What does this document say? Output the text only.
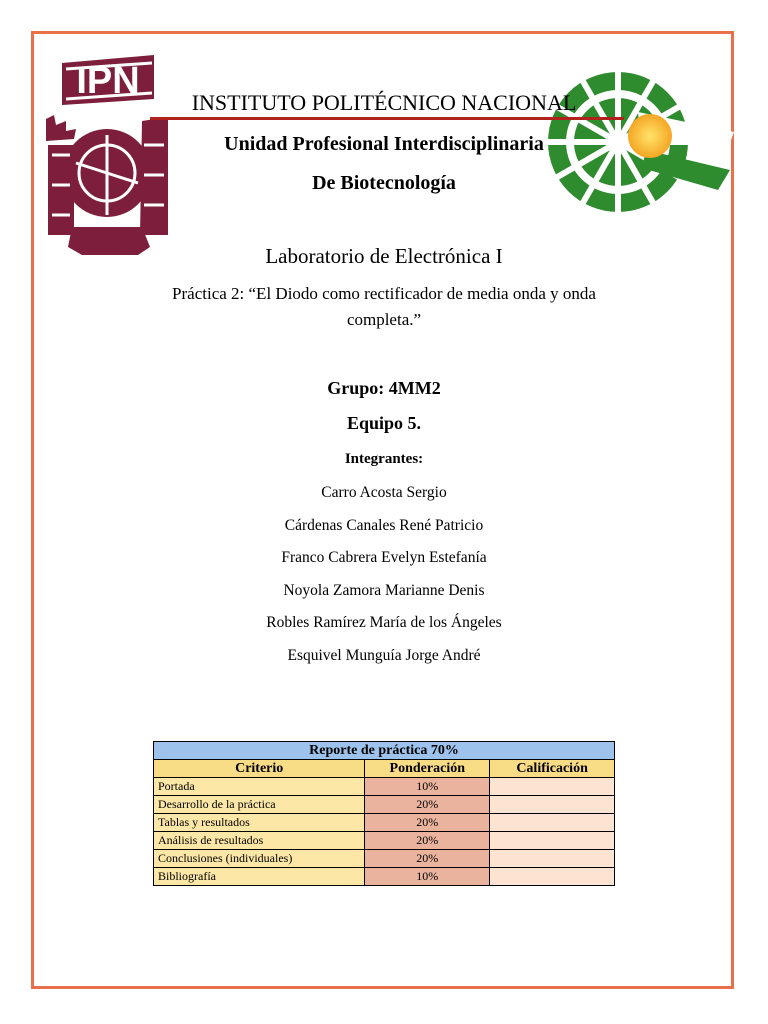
IPN
INSTITUTO POLITÉCNICO NACIONAL
Unidad Profesional Interdisciplinaria
De Biotecnología
Laboratorio de Electrónica I
Práctica 2: “El Diodo como rectificador de media onda y onda
completa.”
Grupo: 4MM2
Equipo 5.
Integrantes:
Carro Acosta Sergio
Cárdenas Canales René Patricio
Franco Cabrera Evelyn Estefanía
Noyola Zamora Marianne Denis
Robles Ramírez María de los Ángeles
Esquivel Munguía Jorge André
Reporte de práctica 70%		
Criterio	Ponderación	Calificación
Portada	10%	
Desarrollo de la práctica	20%	
Tablas y resultados	20%	
Análisis de resultados	20%	
Conclusiones (individuales)	20%	
Bibliografía	10%	
